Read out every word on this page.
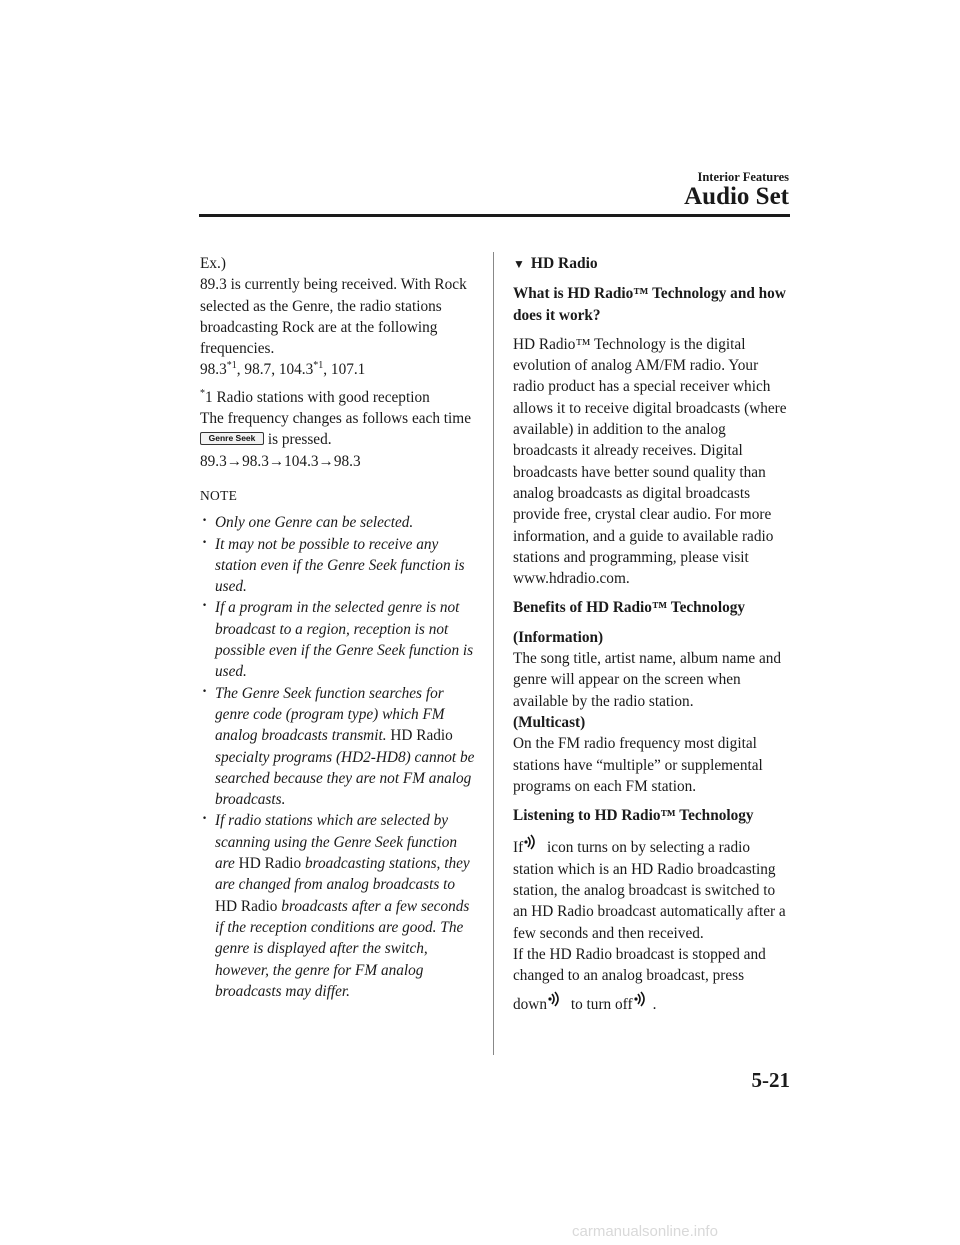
Interior Features
Audio Set

Ex.)

89.3 is currently being received. With Rock selected as the Genre, the radio stations broadcasting Rock are at the following frequencies.

98.3$^{*1}$, 98.7, 104.3$^{*1}$, 107.1

*1 Radio stations with good reception

The frequency changes as follows each time Genre Seek is pressed.

89.3→98.3→104.3→98.3

NOTE

· Only one Genre can be selected.
· It may not be possible to receive any station even if the Genre Seek function is used.
· If a program in the selected genre is not broadcast to a region, reception is not possible even if the Genre Seek function is used.
· The Genre Seek function searches for genre code (program type) which FM analog broadcasts transmit. HD Radio specialty programs (HD2-HD8) cannot be searched because they are not FM analog broadcasts.
· If radio stations which are selected by scanning using the Genre Seek function are HD Radio broadcasting stations, they are changed from analog broadcasts to HD Radio broadcasts after a few seconds if the reception conditions are good. The genre is displayed after the switch, however, the genre for FM analog broadcasts may differ.

▼ HD Radio

What is HD Radio™ Technology and how does it work?

HD Radio™ Technology is the digital evolution of analog AM/FM radio. Your radio product has a special receiver which allows it to receive digital broadcasts (where available) in addition to the analog broadcasts it already receives. Digital broadcasts have better sound quality than analog broadcasts as digital broadcasts provide free, crystal clear audio. For more information, and a guide to available radio stations and programming, please visit www.hdradio.com.

Benefits of HD Radio™ Technology

(Information)

The song title, artist name, album name and genre will appear on the screen when available by the radio station.

(Multicast)

On the FM radio frequency most digital stations have “multiple” or supplemental programs on each FM station.

Listening to HD Radio™ Technology

If icon turns on by selecting a radio station which is an HD Radio broadcasting station, the analog broadcast is switched to an HD Radio broadcast automatically after a few seconds and then received.

If the HD Radio broadcast is stopped and changed to an analog broadcast, press

down to turn off .

5-21
carmanualsonline.info
